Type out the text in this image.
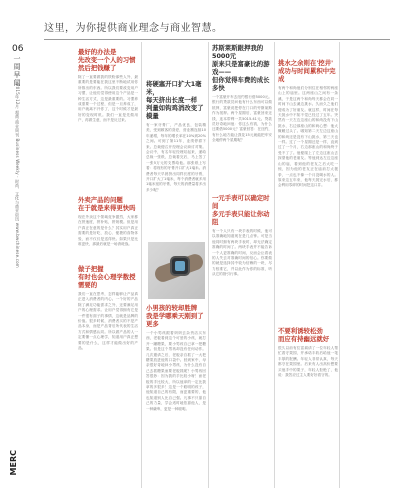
这里，为你提供商业理念与商业智慧。
06
一周早闻
2015年12月 超商·商业周刊 Business Weekly · 时尚、文化与商业资讯 www.bwchinese.com
MERC
最好的办法是
先改变一个人的习惯
然后把钱赚了
除了一直要做我的铁粉那些人外，最重要的是要能在我这里不断地试用你所推出的东西。所以我们要改变用户习惯，让他们觉得使用这个产品是一种生活方式，这是最重要的。习惯养成需要一个过程，但是一旦养成了，用户就离不开你了，这个时候才是最好的变现时机。我们一直是先做用户，再做生意，而不是反过来。
外卖产品的问题
在于就是来得更快吗
现在外卖这个领域竞争激烈，大家都在拼速度，拼补贴，拼规模。但是用户真正在意的是什么？其实用户真正需要的是好吃、放心、便捷的食物体验，而不仅仅是送得快。如果只是比谁更快，那最后就是一场消耗战。
做子把握
有时也会心理学数授需要的
我们一直在思考，怎样能够让产品真正进入消费者的内心。一个好的产品除了满足功能需求之外，还要满足用户的心理需求。让用户觉得拥有它是一件很有面子的事情，这就是品牌的价值。很多时候，消费者买的不是产品本身，而是产品背后所代表的生活方式和情感认同。所以做产品的人一定要懂一点心理学，知道用户真正想要的是什么，这样才能做出好的产品。
将硬塞开口扩大1毫米，
每天挤出长度一样
判量如钩鸡消改变了模量
有一家牙膏厂，产品优良，包装精美，受到顾客的喜爱，营业额连续10年递增，每年的增长率在10%到20%之间。可到了第11年，业绩停滞下来。总裁便召开经理会议商讨对策。会议中，有名年轻经理站起来，递给总裁一张纸，总裁看完后，马上签了一张5万元的支票给他。那张纸上写着：将现有的牙膏开口扩大1毫米。消费者每天早晨挤出同样长度的牙膏，开口扩大了1毫米，每个消费者就多用1毫米宽的牙膏，每天的消费量将多出多少呢？
小男孩的较却胜牌
我是学哪乘天刚到了更多
一个小男孩跟着妈妈去杂货店买东西，老板看到这个可爱的小孩，就打开一罐糖果，要小男孩自己拿一把糖果。但是这个男孩却没有任何动作。几次邀请之后，老板亲自抓了一大把糖果放进他的口袋中。回到家中，母亲很好奇地问小男孩，为什么没有自己去抓糖果而要老板抓呢？小男孩回答很妙：因为我的手比较小呀！而老板的手比较大，所以他拿的一定比我拿的多很多！这是一个聪明的孩子，他知道自己的有限，而更重要的，他也知道别人比自己强。凡事不只靠自己的力量，学会适时地依靠他人，是一种谦卑，更是一种聪明。
苏斯莱斯跟押我的5000元
原来只是富豪比的游戏——
但你觉得车费的成长多快
一个富豪开车去纽约银行借5000元。银行的贷款员问他有什么东西可以做抵押，富豪说把停在门口的劳斯莱斯作为抵押。两个星期后，富豪回来还钱，连本带利一共5015.41元。贷款员好奇地问他：你这么有钱，为什么还要借5000元？富豪回答：在纽约，有什么地方能让我花15元就能把车安全地停两个星期呢？
一元手表可以确定时间
多元手表只能让你动阻
有一个人只有一块手表的时候，他可以准确地知道现在是几点钟。可是当他同时拥有两块手表时，却无法确定准确的时间了。两块手表并不能告诉一个人更准确的时间，反而会让看表的人失去对准确时间的信心。你要做的就是选择其中较为信赖的一块，尽力校准它，并以此作为你的标准，听从它的指引行事。
挑水之余则在'挖井'
成功与时间累积中完成
有两个和尚他们分别住在相邻的两座山上的庙里。这两座山之间有一条溪，于是这两个和尚每天都会在同一时间下山去溪边挑水。久而久之他们便成为了好朋友。就这样，时间在每天挑水中不知不觉已经过了五年。突然有一天左边这座山的和尚没有下山挑水，右边那座山的和尚心想：他大概睡过头了。哪知第二天左边这座山的和尚还是没有下山挑水，第三天也一样。过了一个星期还是一样，直到过了一个月，右边那座山的和尚终于受不了了。他便爬上了左边这座山去探望他的老朋友。等他到达左边这座山的庙，看到他的老友之后大吃一惊，因为他的老友正在庙前打太极拳，一点也不像一个月没喝水的人。原来这五年来，他每天挑完水后，都会利用零碎的时间挖这口井。
不要利诱较松劲
而应有持幽远就好
很久以前有位富翁请了一位年轻人帮忙看守果园，并承诺丰收后给他一笔丰厚的报酬。年轻人非常认真，每天都守在果园里。后来有人出高价想要买他手中的果子，年轻人拒绝了，他说：我答应过主人要好好看守的。
